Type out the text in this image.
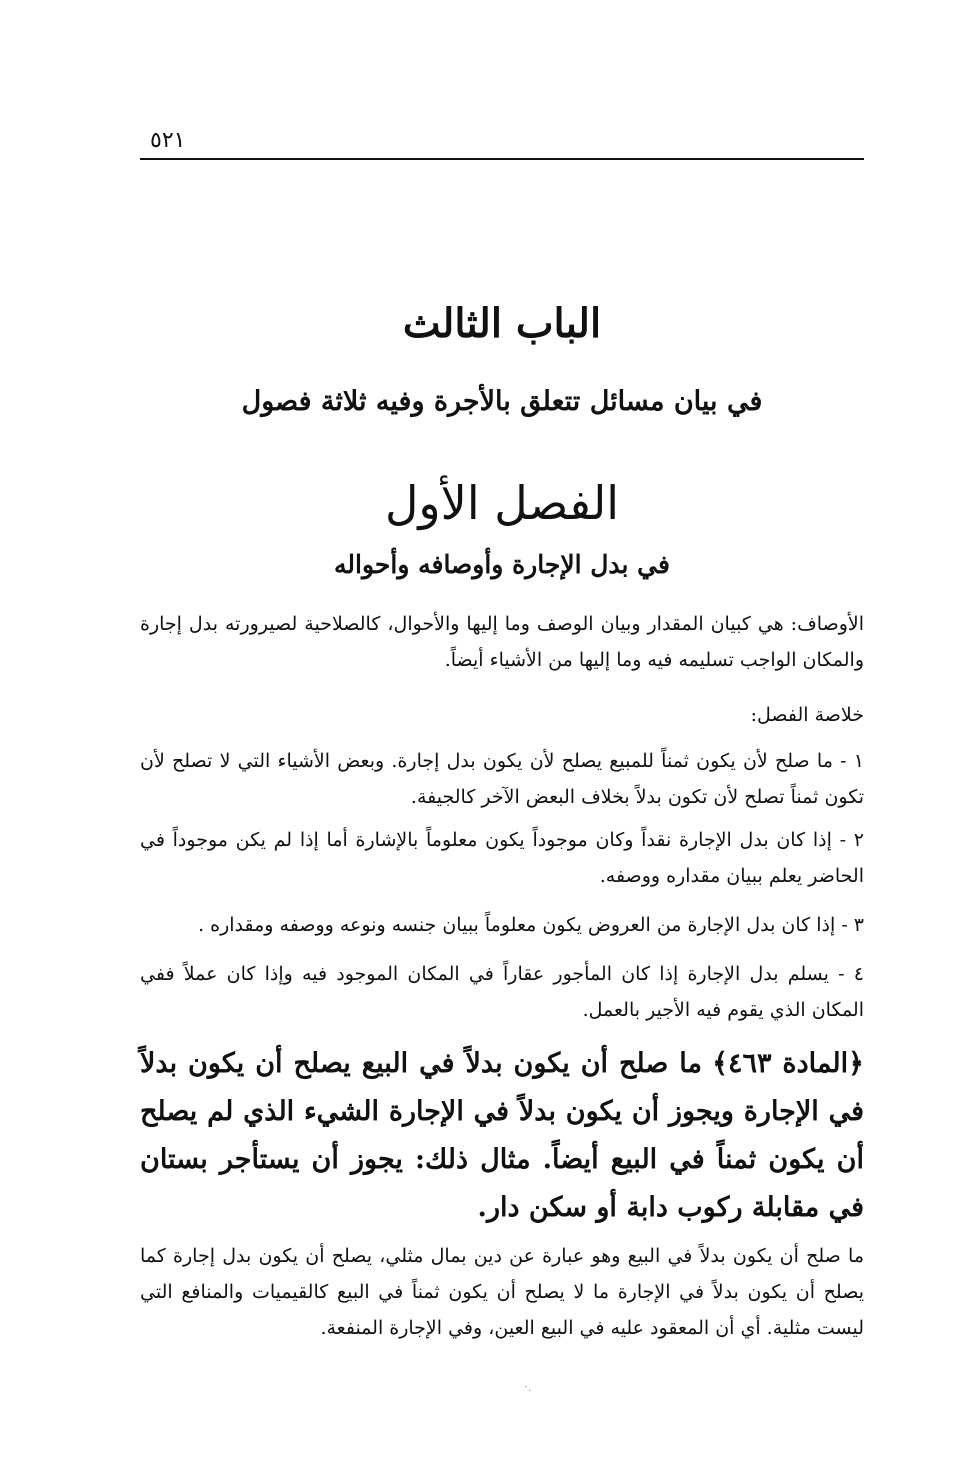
٥٢١
الباب الثالث
في بيان مسائل تتعلق بالأجرة وفيه ثلاثة فصول
الفصل الأول
في بدل الإجارة وأوصافه وأحواله
الأوصاف: هي كبيان المقدار وبيان الوصف وما إليها والأحوال، كالصلاحية لصيرورته بدل إجارة والمكان الواجب تسليمه فيه وما إليها من الأشياء أيضاً.
خلاصة الفصل:
١ - ما صلح لأن يكون ثمناً للمبيع يصلح لأن يكون بدل إجارة. وبعض الأشياء التي لا تصلح لأن تكون ثمناً تصلح لأن تكون بدلاً بخلاف البعض الآخر كالجيفة.
٢ - إذا كان بدل الإجارة نقداً وكان موجوداً يكون معلوماً بالإشارة أما إذا لم يكن موجوداً في الحاضر يعلم ببيان مقداره ووصفه.
٣ - إذا كان بدل الإجارة من العروض يكون معلوماً ببيان جنسه ونوعه ووصفه ومقداره .
٤ - يسلم بدل الإجارة إذا كان المأجور عقاراً في المكان الموجود فيه وإذا كان عملاً ففي المكان الذي يقوم فيه الأجير بالعمل.
﴿المادة ٤٦٣﴾ ما صلح أن يكون بدلاً في البيع يصلح أن يكون بدلاً في الإجارة ويجوز أن يكون بدلاً في الإجارة الشيء الذي لم يصلح أن يكون ثمناً في البيع أيضاً. مثال ذلك: يجوز أن يستأجر بستان في مقابلة ركوب دابة أو سكن دار.
ما صلح أن يكون بدلاً في البيع وهو عبارة عن دين بمال مثلي، يصلح أن يكون بدل إجارة كما يصلح أن يكون بدلاً في الإجارة ما لا يصلح أن يكون ثمناً في البيع كالقيميات والمنافع التي ليست مثلية. أي أن المعقود عليه في البيع العين، وفي الإجارة المنفعة.
·.
